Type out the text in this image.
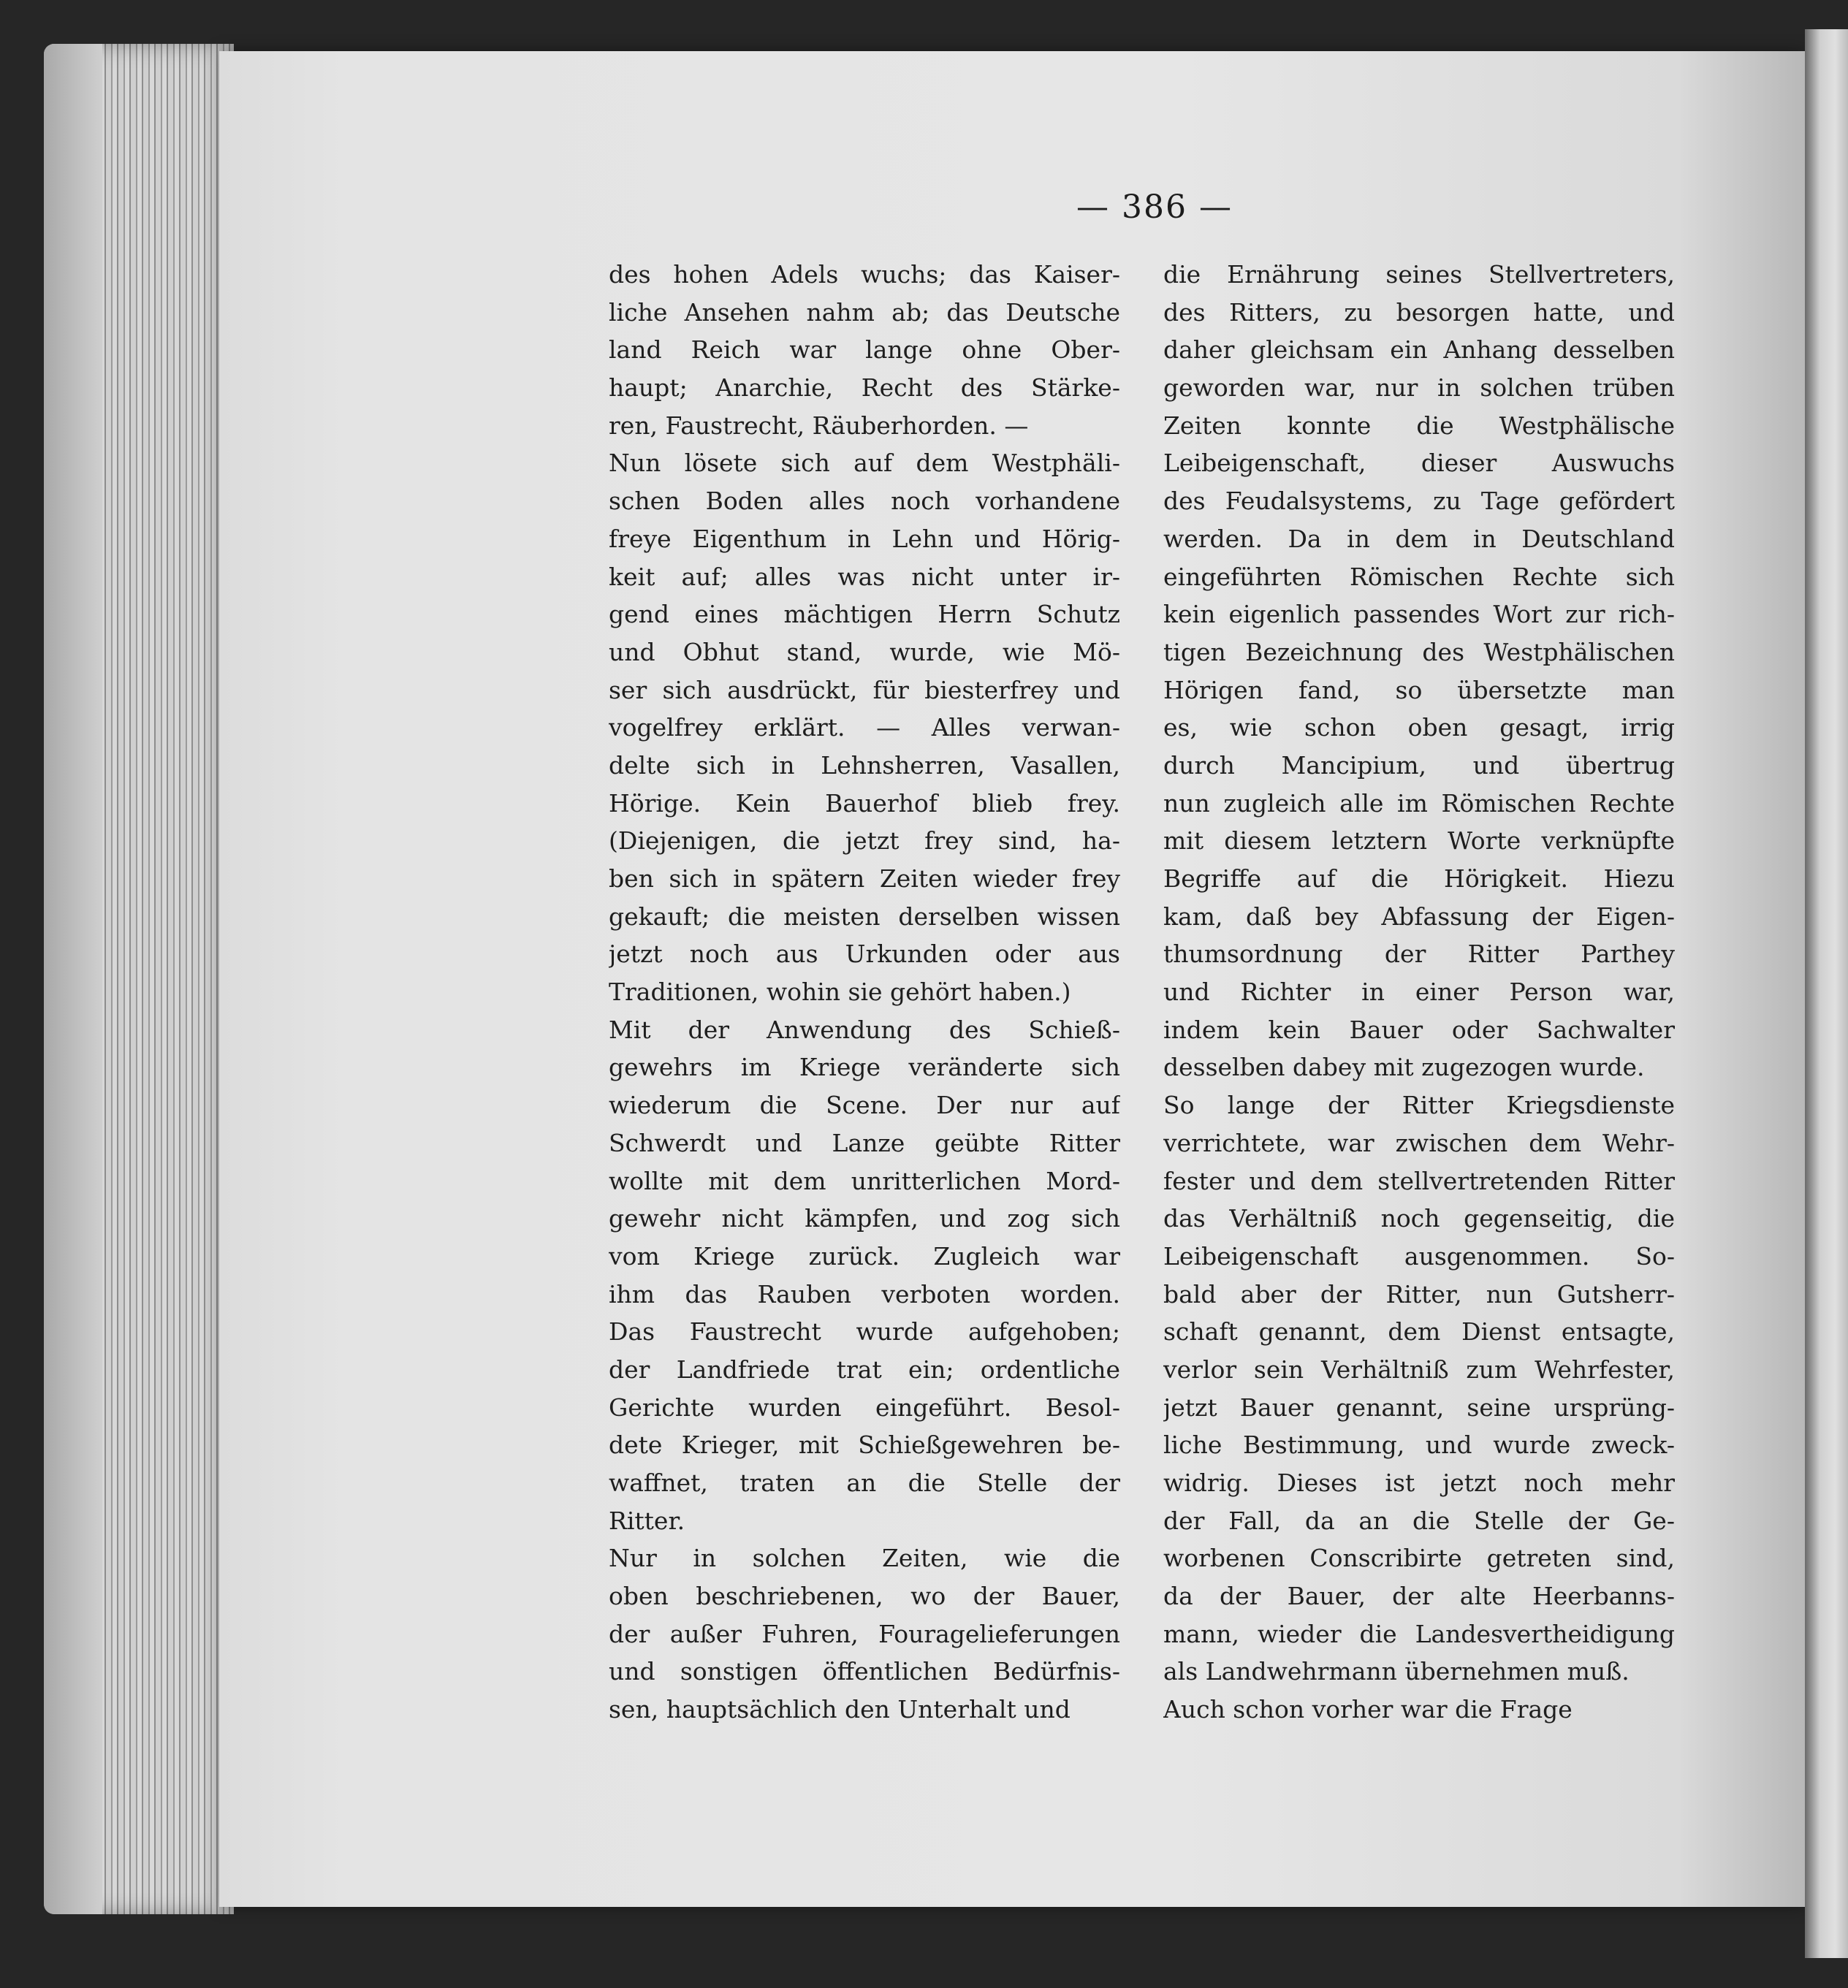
— 386 —
des hohen Adels wuchs; das Kaiser-
liche Ansehen nahm ab; das Deutsche
land Reich war lange ohne Ober-
haupt; Anarchie, Recht des Stärke-
ren, Faustrecht, Räuberhorden. —
Nun lösete sich auf dem Westphäli-
schen Boden alles noch vorhandene
freye Eigenthum in Lehn und Hörig-
keit auf; alles was nicht unter ir-
gend eines mächtigen Herrn Schutz
und Obhut stand, wurde, wie Mö-
ser sich ausdrückt, für biesterfrey und
vogelfrey erklärt. — Alles verwan-
delte sich in Lehnsherren, Vasallen,
Hörige. Kein Bauerhof blieb frey.
(Diejenigen, die jetzt frey sind, ha-
ben sich in spätern Zeiten wieder frey
gekauft; die meisten derselben wissen
jetzt noch aus Urkunden oder aus
Traditionen, wohin sie gehört haben.)
Mit der Anwendung des Schieß-
gewehrs im Kriege veränderte sich
wiederum die Scene. Der nur auf
Schwerdt und Lanze geübte Ritter
wollte mit dem unritterlichen Mord-
gewehr nicht kämpfen, und zog sich
vom Kriege zurück. Zugleich war
ihm das Rauben verboten worden.
Das Faustrecht wurde aufgehoben;
der Landfriede trat ein; ordentliche
Gerichte wurden eingeführt. Besol-
dete Krieger, mit Schießgewehren be-
waffnet, traten an die Stelle der
Ritter.
Nur in solchen Zeiten, wie die
oben beschriebenen, wo der Bauer,
der außer Fuhren, Fouragelieferungen
und sonstigen öffentlichen Bedürfnis-
sen, hauptsächlich den Unterhalt und
die Ernährung seines Stellvertreters,
des Ritters, zu besorgen hatte, und
daher gleichsam ein Anhang desselben
geworden war, nur in solchen trüben
Zeiten konnte die Westphälische
Leibeigenschaft, dieser Auswuchs
des Feudalsystems, zu Tage gefördert
werden. Da in dem in Deutschland
eingeführten Römischen Rechte sich
kein eigenlich passendes Wort zur rich-
tigen Bezeichnung des Westphälischen
Hörigen fand, so übersetzte man
es, wie schon oben gesagt, irrig
durch Mancipium, und übertrug
nun zugleich alle im Römischen Rechte
mit diesem letztern Worte verknüpfte
Begriffe auf die Hörigkeit. Hiezu
kam, daß bey Abfassung der Eigen-
thumsordnung der Ritter Parthey
und Richter in einer Person war,
indem kein Bauer oder Sachwalter
desselben dabey mit zugezogen wurde.
So lange der Ritter Kriegsdienste
verrichtete, war zwischen dem Wehr-
fester und dem stellvertretenden Ritter
das Verhältniß noch gegenseitig, die
Leibeigenschaft ausgenommen. So-
bald aber der Ritter, nun Gutsherr-
schaft genannt, dem Dienst entsagte,
verlor sein Verhältniß zum Wehrfester,
jetzt Bauer genannt, seine ursprüng-
liche Bestimmung, und wurde zweck-
widrig. Dieses ist jetzt noch mehr
der Fall, da an die Stelle der Ge-
worbenen Conscribirte getreten sind,
da der Bauer, der alte Heerbanns-
mann, wieder die Landesvertheidigung
als Landwehrmann übernehmen muß.
Auch schon vorher war die Frage
